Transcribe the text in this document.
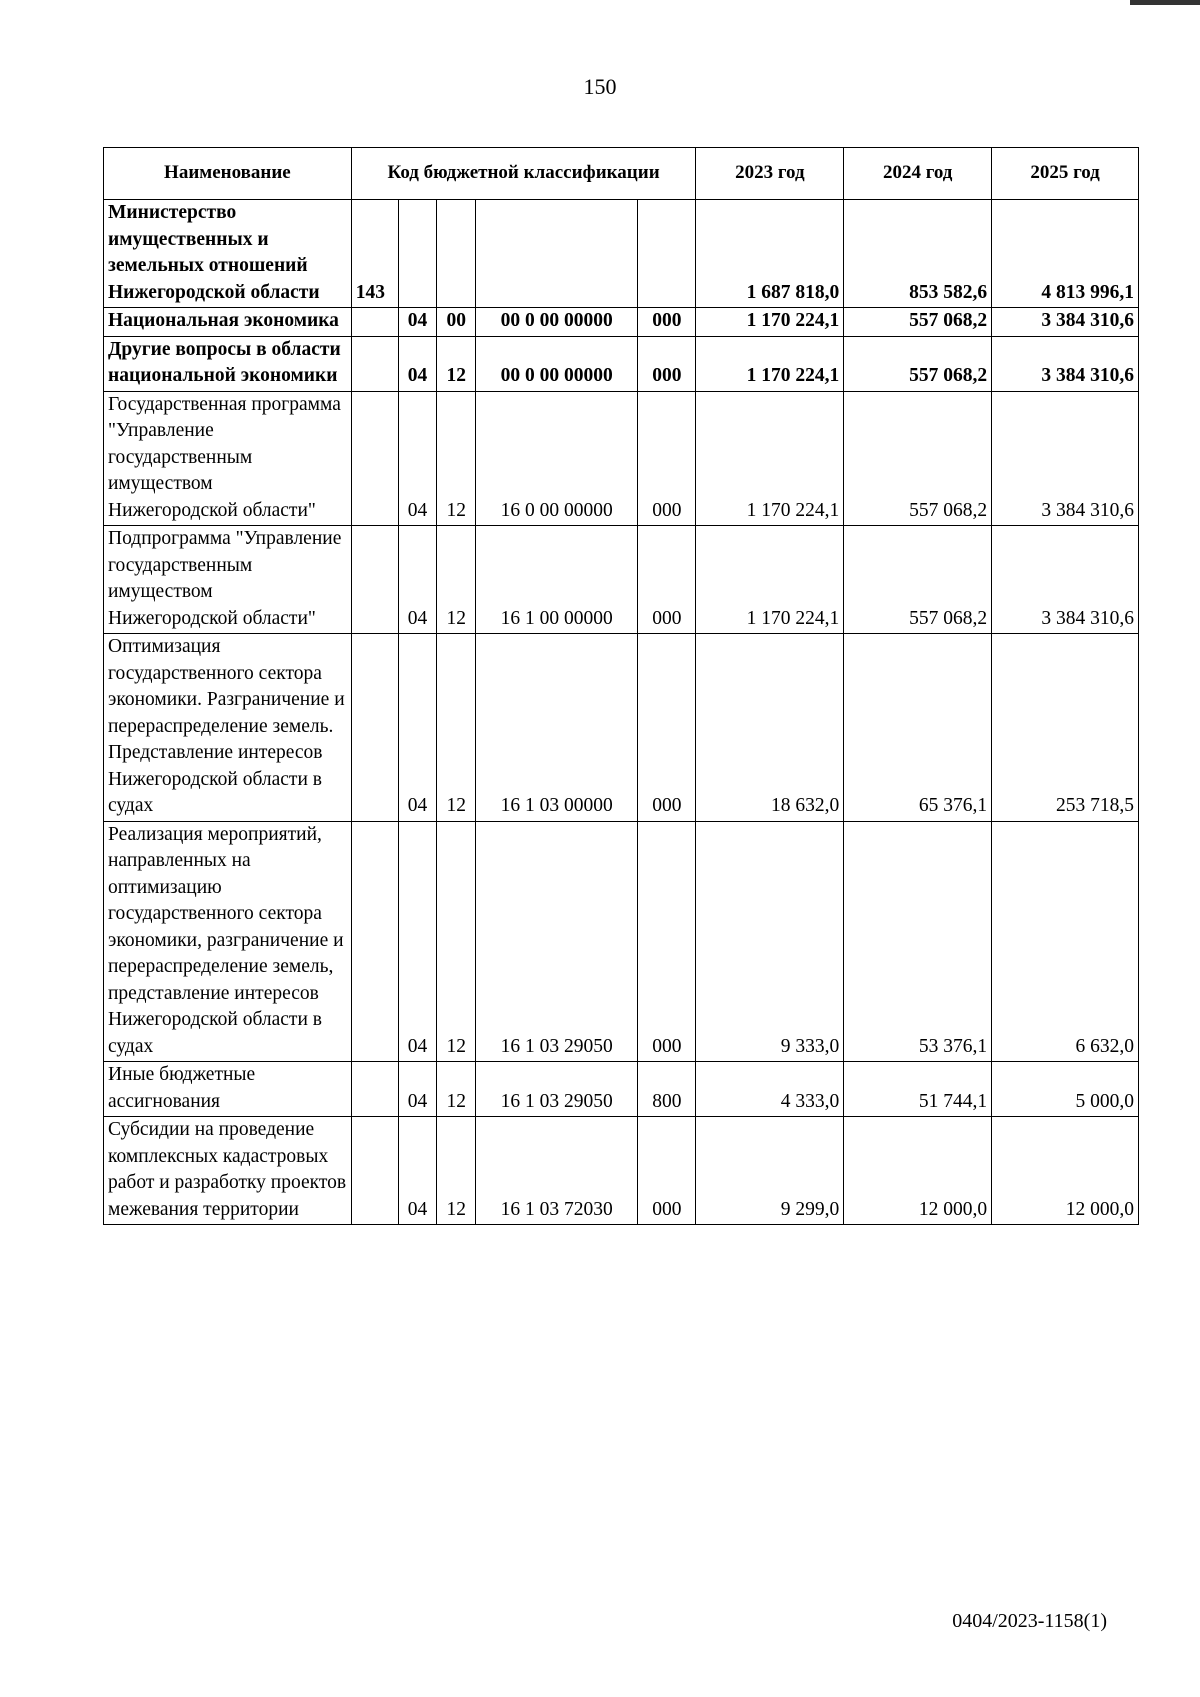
150
Наименование	Код бюджетной классификации					2023 год	2024 год	2025 год
Министерство имущественных и земельных отношений Нижегородской области	143					1 687 818,0	853 582,6	4 813 996,1
Национальная экономика		04	00	00 0 00 00000	000	1 170 224,1	557 068,2	3 384 310,6
Другие вопросы в области национальной экономики		04	12	00 0 00 00000	000	1 170 224,1	557 068,2	3 384 310,6
Государственная программа "Управление государственным имуществом Нижегородской области"		04	12	16 0 00 00000	000	1 170 224,1	557 068,2	3 384 310,6
Подпрограмма "Управление государственным имуществом Нижегородской области"		04	12	16 1 00 00000	000	1 170 224,1	557 068,2	3 384 310,6
Оптимизация государственного сектора экономики. Разграничение и перераспределение земель. Представление интересов Нижегородской области в судах		04	12	16 1 03 00000	000	18 632,0	65 376,1	253 718,5
Реализация мероприятий, направленных на оптимизацию государственного сектора экономики, разграничение и перераспределение земель, представление интересов Нижегородской области в судах		04	12	16 1 03 29050	000	9 333,0	53 376,1	6 632,0
Иные бюджетные ассигнования		04	12	16 1 03 29050	800	4 333,0	51 744,1	5 000,0
Субсидии на проведение комплексных кадастровых работ и разработку проектов межевания территории		04	12	16 1 03 72030	000	9 299,0	12 000,0	12 000,0
0404/2023-1158(1)
